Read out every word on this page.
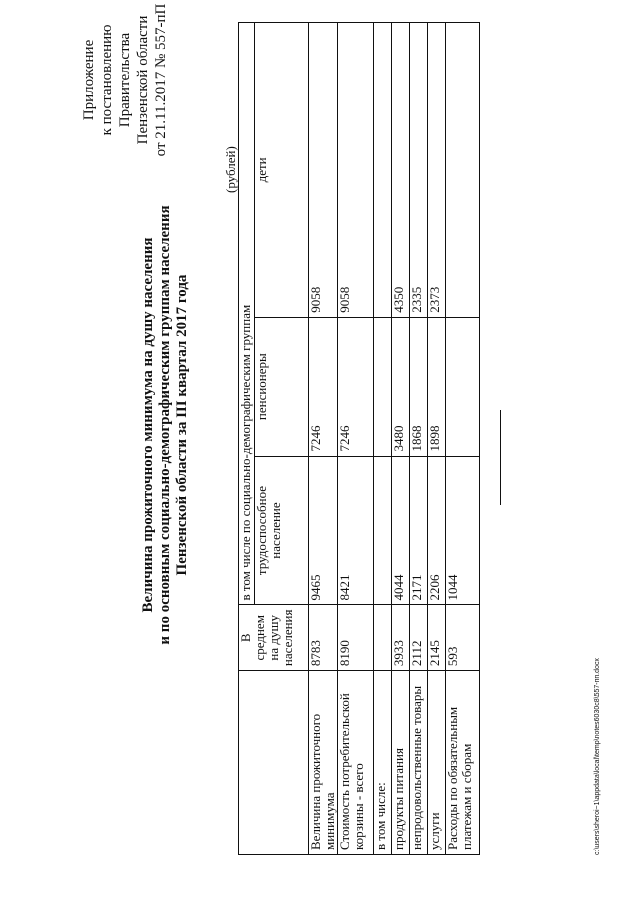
Приложение к постановлению Правительства Пензенской области от 21.11.2017 № 557-пП
Величина прожиточного минимума на душу населения и по основным социально-демографическим группам населения Пензенской области за III квартал 2017 года
(рублей)
	В среднем на душу населения	в том числе по социально-демографическим группам		
		трудоспособное население	пенсионеры	дети
Величина прожиточного минимума	8783	9465	7246	9058
Стоимость потребительской корзины - всего	8190	8421	7246	9058
в том числе:				
продукты питания	3933	4044	3480	4350
непродовольственные товары	2112	2171	1868	2335
услуги	2145	2206	1898	2373
Расходы по обязательным платежам и сборам	593	1044		
c:\users\sheroi~1\appdata\local\temp\notes6030c8\557-пп.docx
